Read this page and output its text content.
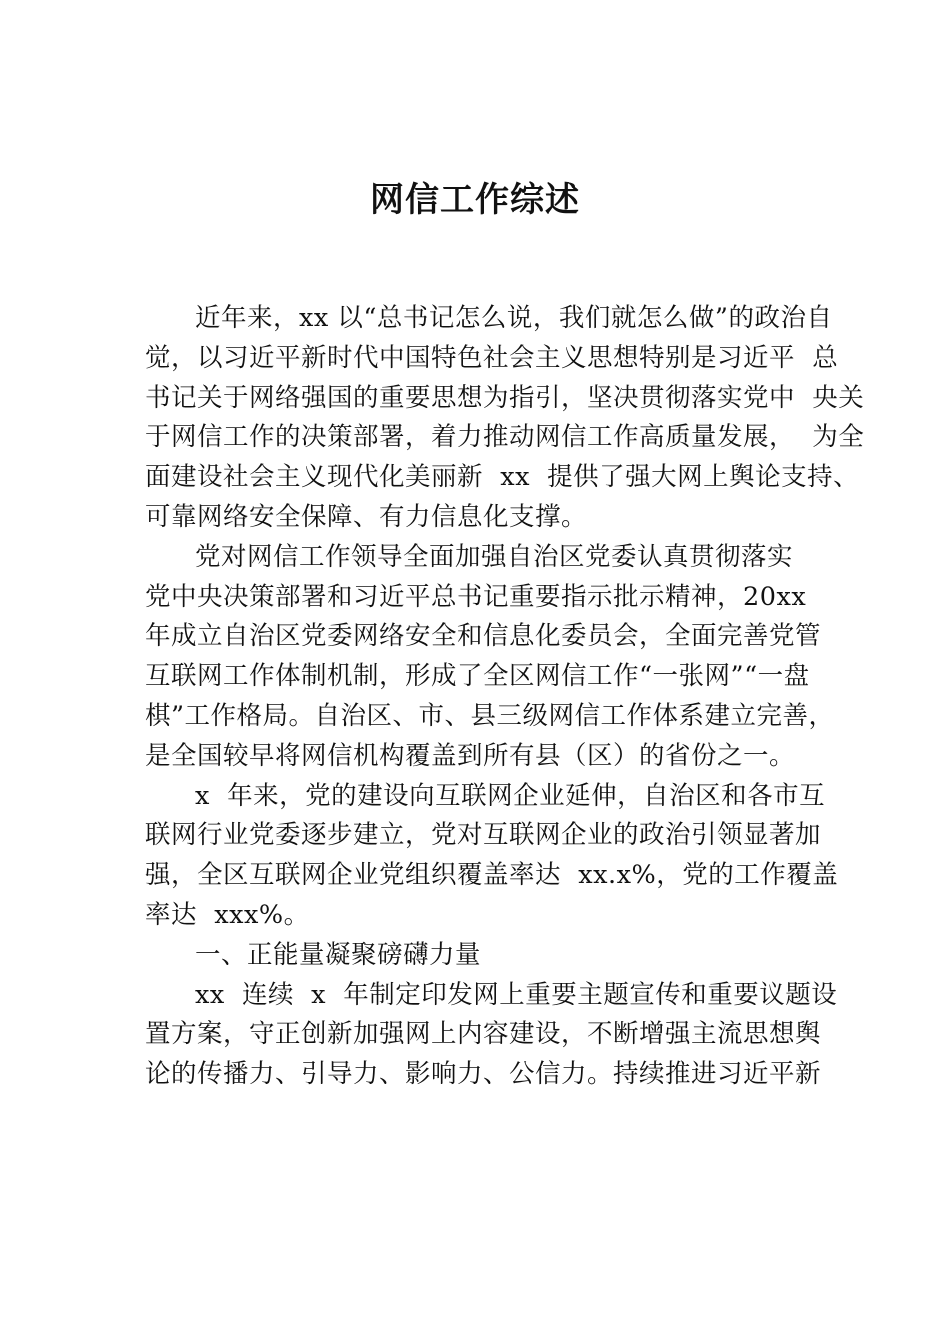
网信工作综述
近年来，xx 以“总书记怎么说，我们就怎么做”的政治自
觉，以习近平新时代中国特色社会主义思想特别是习近平  总
书记关于网络强国的重要思想为指引，坚决贯彻落实党中  央关
于网信工作的决策部署，着力推动网信工作高质量发展，  为全
面建设社会主义现代化美丽新  xx  提供了强大网上舆论支持、
可靠网络安全保障、有力信息化支撑。
党对网信工作领导全面加强自治区党委认真贯彻落实
党中央决策部署和习近平总书记重要指示批示精神，20xx
年成立自治区党委网络安全和信息化委员会，全面完善党管
互联网工作体制机制，形成了全区网信工作“一张网”“一盘
棋”工作格局。自治区、市、县三级网信工作体系建立完善，
是全国较早将网信机构覆盖到所有县（区）的省份之一。
x  年来，党的建设向互联网企业延伸，自治区和各市互
联网行业党委逐步建立，党对互联网企业的政治引领显著加
强，全区互联网企业党组织覆盖率达  xx.x%，党的工作覆盖
率达  xxx%。
一、正能量凝聚磅礴力量
xx  连续  x  年制定印发网上重要主题宣传和重要议题设
置方案，守正创新加强网上内容建设，不断增强主流思想舆
论的传播力、引导力、影响力、公信力。持续推进习近平新
